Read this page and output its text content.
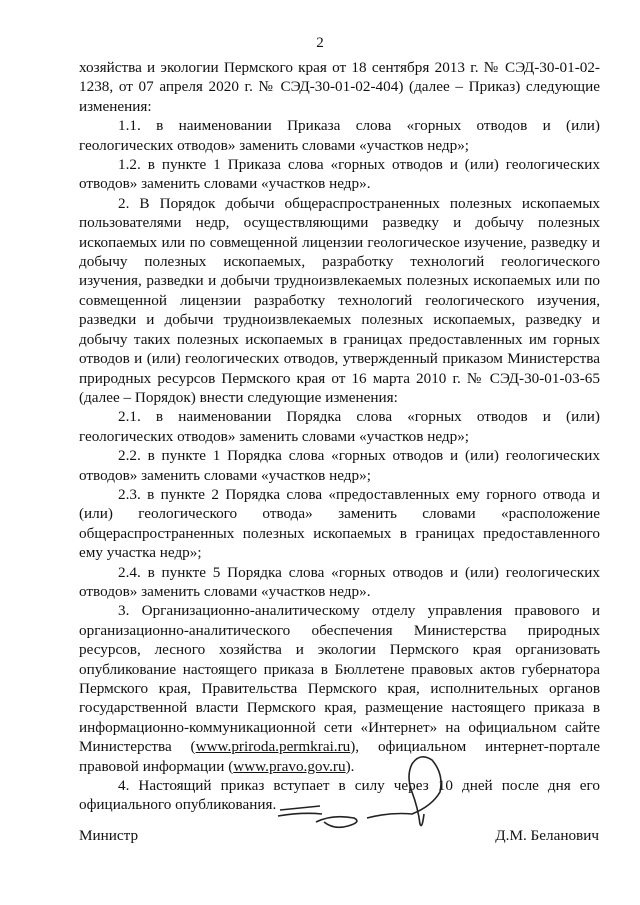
2

хозяйства и экологии Пермского края от 18 сентября 2013 г. № СЭД-30-01-02-1238, от 07 апреля 2020 г. № СЭД-30-01-02-404) (далее – Приказ) следующие изменения:

1.1. в наименовании Приказа слова «горных отводов и (или) геологических отводов» заменить словами «участков недр»;

1.2. в пункте 1 Приказа слова «горных отводов и (или) геологических отводов» заменить словами «участков недр».

2. В Порядок добычи общераспространенных полезных ископаемых пользователями недр, осуществляющими разведку и добычу полезных ископаемых или по совмещенной лицензии геологическое изучение, разведку и добычу полезных ископаемых, разработку технологий геологического изучения, разведки и добычи трудноизвлекаемых полезных ископаемых или по совмещенной лицензии разработку технологий геологического изучения, разведки и добычи трудноизвлекаемых полезных ископаемых, разведку и добычу таких полезных ископаемых в границах предоставленных им горных отводов и (или) геологических отводов, утвержденный приказом Министерства природных ресурсов Пермского края от 16 марта 2010 г. № СЭД-30-01-03-65 (далее – Порядок) внести следующие изменения:

2.1. в наименовании Порядка слова «горных отводов и (или) геологических отводов» заменить словами «участков недр»;

2.2. в пункте 1 Порядка слова «горных отводов и (или) геологических отводов» заменить словами «участков недр»;

2.3. в пункте 2 Порядка слова «предоставленных ему горного отвода и (или) геологического отвода» заменить словами «расположение общераспространенных полезных ископаемых в границах предоставленного ему участка недр»;

2.4. в пункте 5 Порядка слова «горных отводов и (или) геологических отводов» заменить словами «участков недр».

3. Организационно-аналитическому отделу управления правового и организационно-аналитического обеспечения Министерства природных ресурсов, лесного хозяйства и экологии Пермского края организовать опубликование настоящего приказа в Бюллетене правовых актов губернатора Пермского края, Правительства Пермского края, исполнительных органов государственной власти Пермского края, размещение настоящего приказа в информационно-коммуникационной сети «Интернет» на официальном сайте Министерства (www.priroda.permkrai.ru), официальном интернет-портале правовой информации (www.pravo.gov.ru).

4. Настоящий приказ вступает в силу через 10 дней после дня его официального опубликования.

Министр	Д.М. Беланович
